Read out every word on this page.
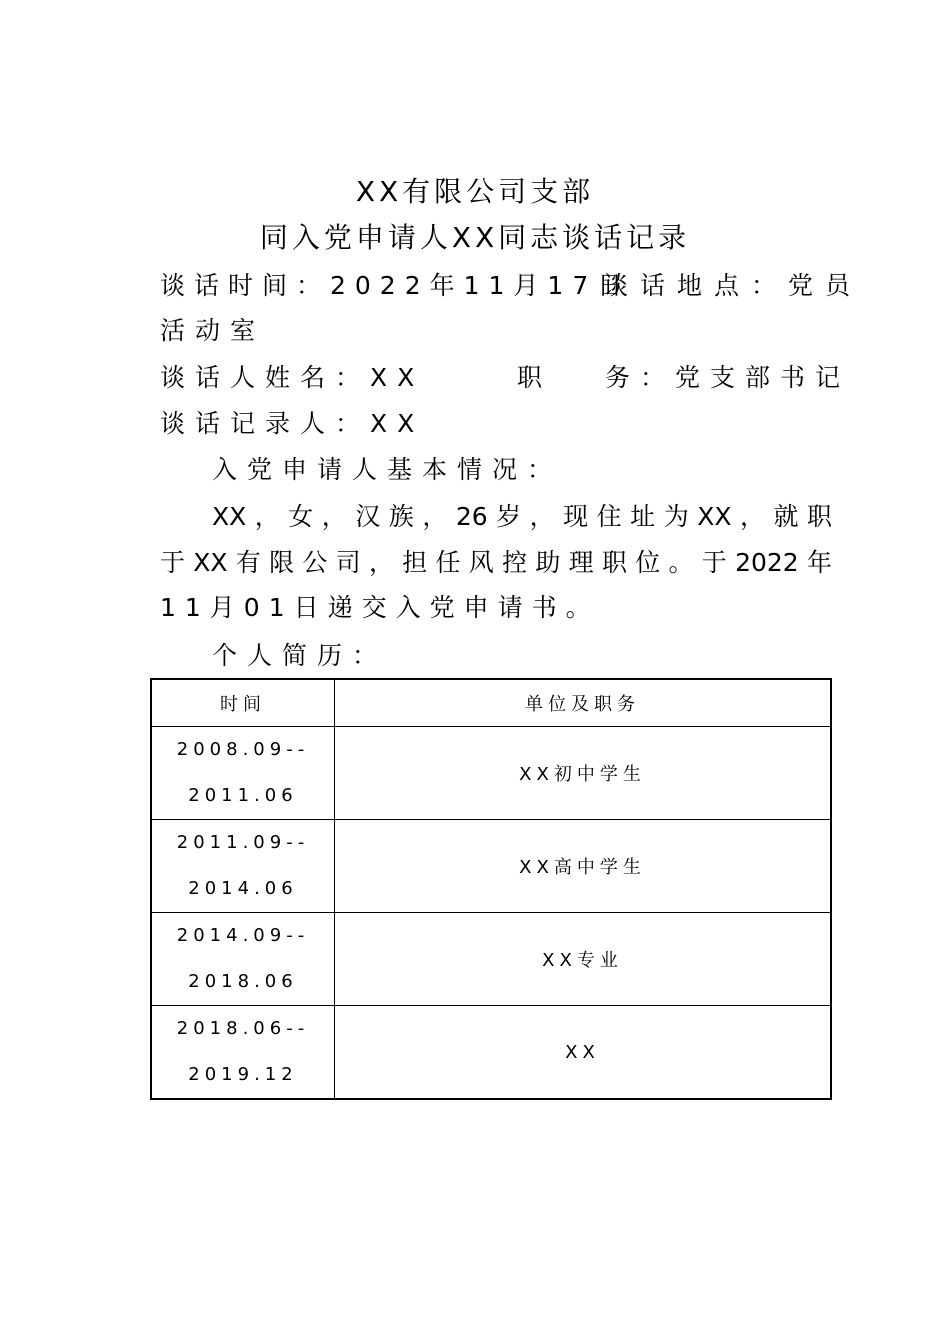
XX有限公司支部
同入党申请人XX同志谈话记录
谈话时间：2022年11月17日
谈话地点：党员
活动室
谈话人姓名：XX	职 务：党支部书记
谈话记录人：XX
入党申请人基本情况：
XX，女，汉族，26岁，现住址为XX，就职
于XX有限公司，担任风控助理职位。于2022年
11月01日递交入党申请书。
个人简历：
时间	单位及职务

2008.09--
2011.06	XX初中学生

2011.09--
2014.06	XX高中学生

2014.09--
2018.06	XX专业

2018.06--
2019.12	XX
